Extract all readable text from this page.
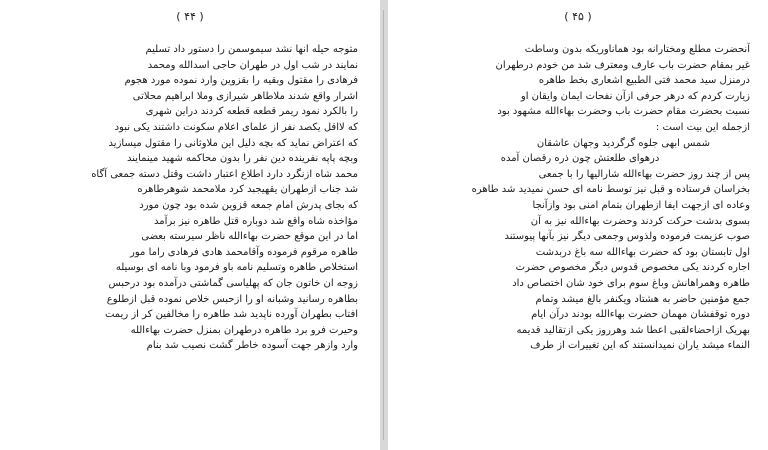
( ۴۴ )
متوجه حیله انها نشد سیموسمن را دستور داد تسلیم
نمایند در شب اول در طهران حاجی اسدالله ومحمد
فرهادی را مقتول وبقیه را بقزوین وارد نموده مورد هجوم
اشرار واقع شدند ملاطاهر شیرازی وملا ابراهیم محلاتی
را بالکرد نمود ریمر قطعه قطعه کردند دراین شهری
که لااقل یکصد نفر از علمای اعلام سکونت داشتند یکی نبود
که اعتراض نماید که بچه دلیل این ملاوثانی را مقتول میسازید
وبچه پاپه نفرینده دین نفر را بدون محاکمه شهید مینمایند
محمد شاه ازنگرد دارد اطلاع اعتبار داشت وقتل دسته جمعی آگاه
شد جناب ازطهران یقهیجبد کرد ملامحمد شوهرطاهره
که بجای پدرش امام جمعه قزوین شده بود چون مورد
مؤاخذه شاه واقع شد دوباره قتل طاهره نیز برآمد
اما در این موقع حضرت بهاءالله ناظر سیرسته بعضی
طاهره مرقوم فرموده وآقامحمد هادی فرهادی راما مور
استخلاص طاهره وتسلیم نامه باو فرمود وبا نامه ای بوسیله
زوجه ان خاتون جان که پهلیاسی گماشتی درآمده بود درحبس
بطاهره رسانید وشبانه او را ازحبس خلاص نموده قبل ازطلوع
افتاب بطهران آورده ناپدید شد طاهره را مخالفین کر از ریمت
وحیرت فرو برد طاهره درطهران بمنزل حضرت بهاءالله
وارد وازهر جهت آسوده خاطر گشت نصیب شد بنام
( ۴۵ )
آنحضرت مطلع ومختارانه بود هماناوریکه بدون وساطت
غیر بمقام حضرت باب عارف ومعترف شد من خودم درطهران
درمنزل سید محمد فتی الطبیع اشعاری بخط طاهره
زیارت کردم که درهر حرفی ازآن نفحات ایمان وایقان او
نسبت بحضرت مقام حضرت باب وحضرت بهاءالله مشهود بود
ازجمله این بیت است :
شمس ابهی جلوه گرگردید وجهان عاشقان
درهوای طلعتش چون ذره رقصان آمده
پس از چند روز حضرت بهاءالله شارالیها را با جمعی
بخراسان فرستاده و قبل نیز توسط نامه ای حسن نمیدید شد طاهره
وعاده ای ازجهت ایفا ازطهران بتمام امنی بود وازآنجا
بسوی بدشت حرکت کردند وحضرت بهاءالله نیز به آن
صوب عزیمت فرموده ولذوس وجمعی دیگر نیز بآنها پیوستند
اول تابستان بود که حضرت بهاءالله سه باغ دربدشت
اجاره کردند یکی مخصوص قدوس دیگر مخصوص حضرت
طاهره وهمراهانش وباغ سوم برای خود شان اختصاص داد
جمع مؤمنین حاضر به هشتاد ویکنفر بالغ میشد وتمام
دوره توقفشان مهمان حضرت بهاءالله بودند درآن ایام
بهریک ازاحضاءلقبی اعطا شد وهرروز یکی ازتقالید قدیمه
النماء میشد یاران نمیدانستند که این تغییرات از طرف
